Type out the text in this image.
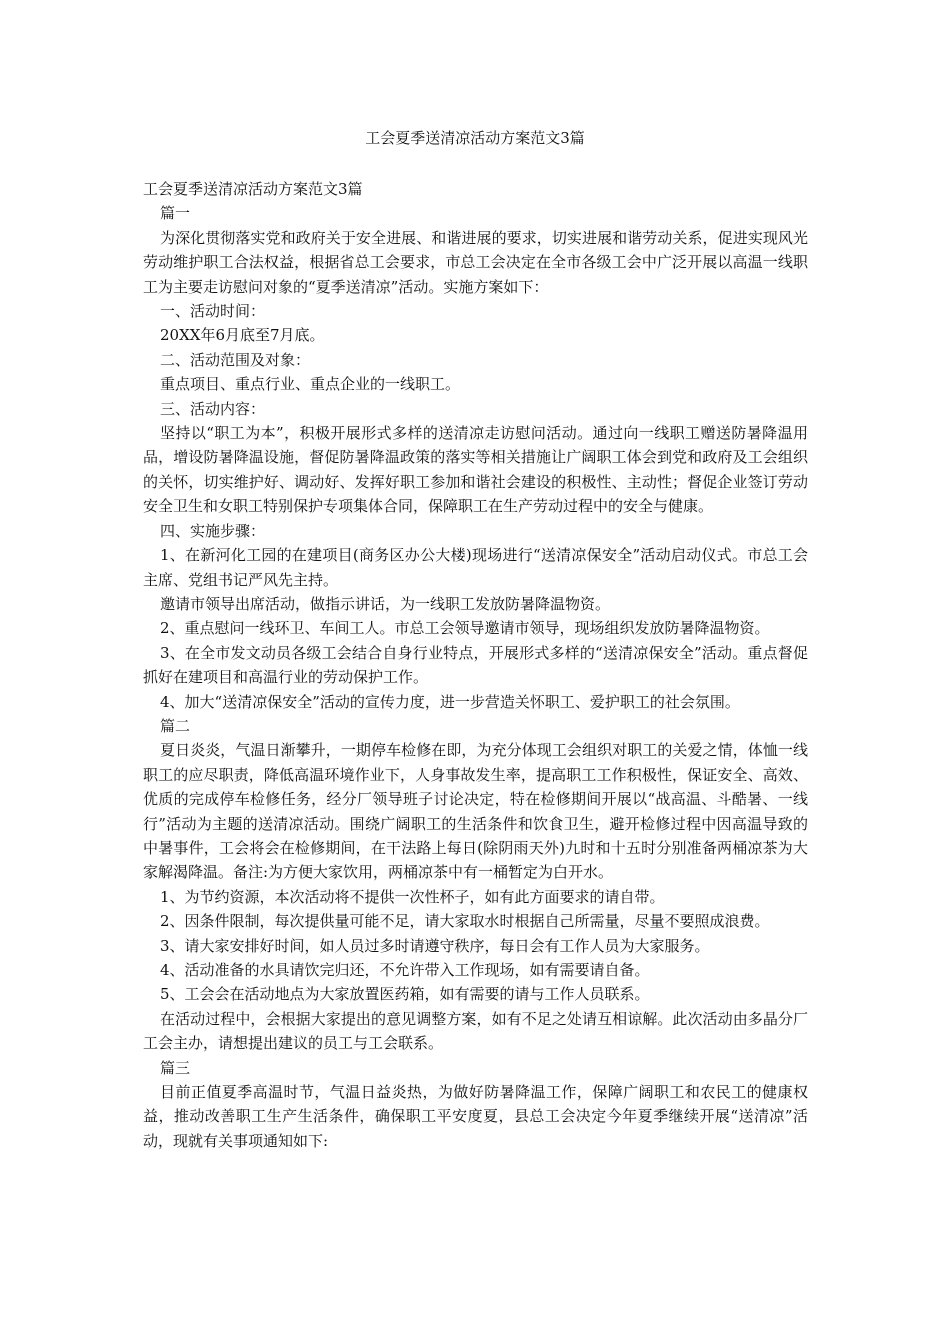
工会夏季送清凉活动方案范文3篇

工会夏季送清凉活动方案范文3篇

篇一

为深化贯彻落实党和政府关于安全进展、和谐进展的要求，切实进展和谐劳动关系，促进实现风光劳动维护职工合法权益，根据省总工会要求，市总工会决定在全市各级工会中广泛开展以高温一线职工为主要走访慰问对象的“夏季送清凉”活动。实施方案如下：

一、活动时间：

20XX年6月底至7月底。

二、活动范围及对象：

重点项目、重点行业、重点企业的一线职工。

三、活动内容：

坚持以“职工为本”，积极开展形式多样的送清凉走访慰问活动。通过向一线职工赠送防暑降温用品，增设防暑降温设施，督促防暑降温政策的落实等相关措施让广阔职工体会到党和政府及工会组织的关怀，切实维护好、调动好、发挥好职工参加和谐社会建设的积极性、主动性；督促企业签订劳动安全卫生和女职工特别保护专项集体合同，保障职工在生产劳动过程中的安全与健康。

四、实施步骤：

1、在新河化工园的在建项目(商务区办公大楼)现场进行“送清凉保安全”活动启动仪式。市总工会主席、党组书记严风先主持。

邀请市领导出席活动，做指示讲话，为一线职工发放防暑降温物资。

2、重点慰问一线环卫、车间工人。市总工会领导邀请市领导，现场组织发放防暑降温物资。

3、在全市发文动员各级工会结合自身行业特点，开展形式多样的“送清凉保安全”活动。重点督促抓好在建项目和高温行业的劳动保护工作。

4、加大“送清凉保安全”活动的宣传力度，进一步营造关怀职工、爱护职工的社会氛围。

篇二

夏日炎炎，气温日渐攀升，一期停车检修在即，为充分体现工会组织对职工的关爱之情，体恤一线职工的应尽职责，降低高温环境作业下，人身事故发生率，提高职工工作积极性，保证安全、高效、优质的完成停车检修任务，经分厂领导班子讨论决定，特在检修期间开展以“战高温、斗酷暑、一线行”活动为主题的送清凉活动。围绕广阔职工的生活条件和饮食卫生，避开检修过程中因高温导致的中暑事件，工会将会在检修期间，在干法路上每日(除阴雨天外)九时和十五时分别准备两桶凉茶为大家解渴降温。备注:为方便大家饮用，两桶凉茶中有一桶暂定为白开水。

1、为节约资源，本次活动将不提供一次性杯子，如有此方面要求的请自带。

2、因条件限制，每次提供量可能不足，请大家取水时根据自己所需量，尽量不要照成浪费。

3、请大家安排好时间，如人员过多时请遵守秩序，每日会有工作人员为大家服务。

4、活动准备的水具请饮完归还，不允许带入工作现场，如有需要请自备。

5、工会会在活动地点为大家放置医药箱，如有需要的请与工作人员联系。

在活动过程中，会根据大家提出的意见调整方案，如有不足之处请互相谅解。此次活动由多晶分厂工会主办，请想提出建议的员工与工会联系。

篇三

目前正值夏季高温时节，气温日益炎热，为做好防暑降温工作，保障广阔职工和农民工的健康权益，推动改善职工生产生活条件，确保职工平安度夏，县总工会决定今年夏季继续开展“送清凉”活动，现就有关事项通知如下:
